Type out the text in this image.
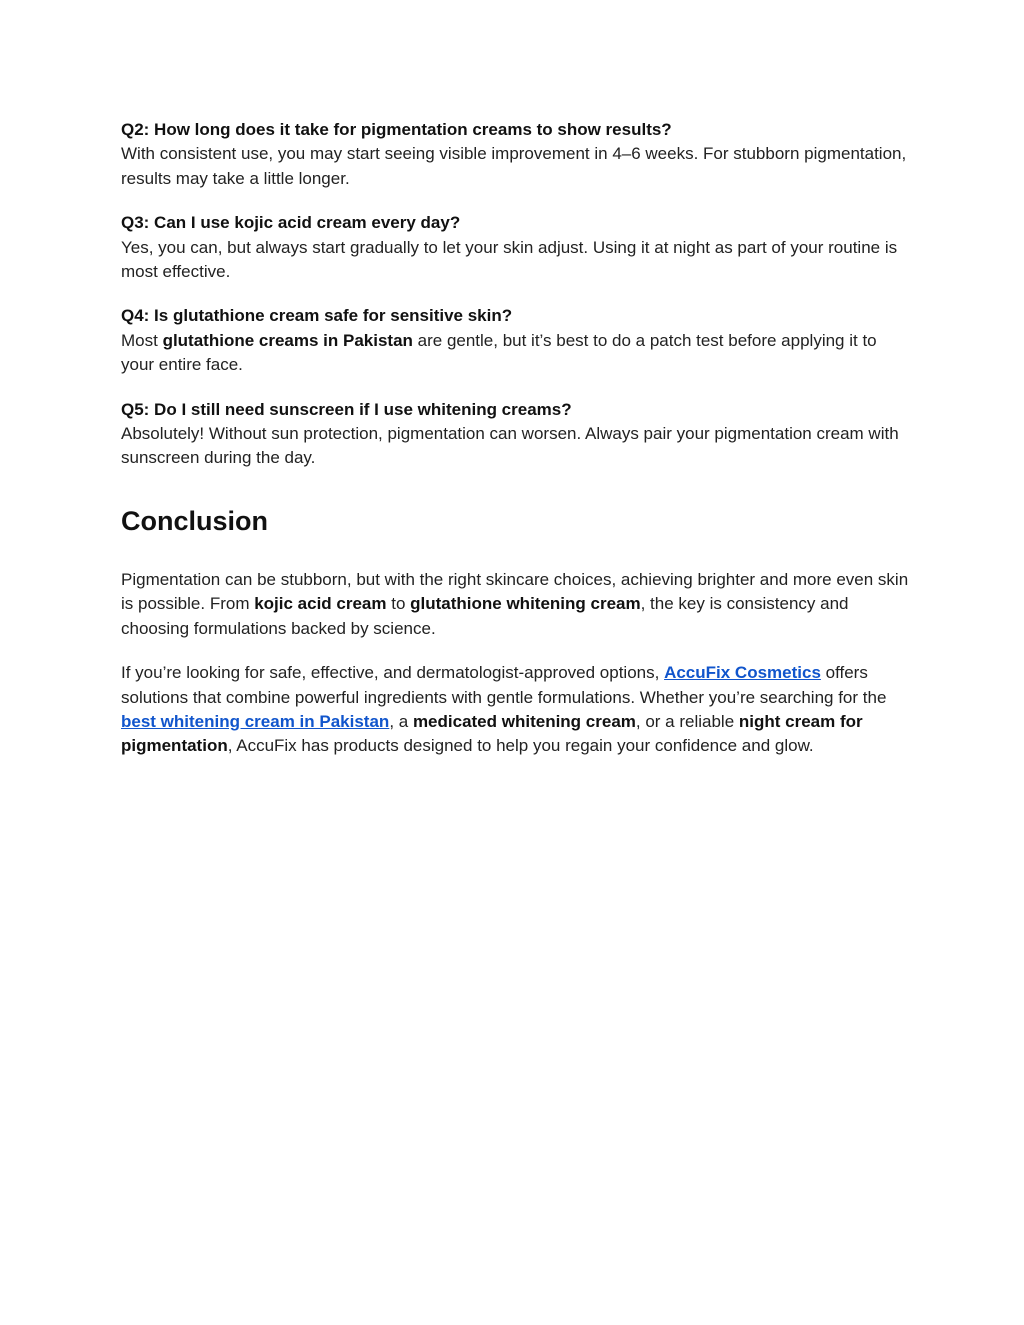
Q2: How long does it take for pigmentation creams to show results?
With consistent use, you may start seeing visible improvement in 4–6 weeks. For stubborn pigmentation, results may take a little longer.
Q3: Can I use kojic acid cream every day?
Yes, you can, but always start gradually to let your skin adjust. Using it at night as part of your routine is most effective.
Q4: Is glutathione cream safe for sensitive skin?
Most glutathione creams in Pakistan are gentle, but it’s best to do a patch test before applying it to your entire face.
Q5: Do I still need sunscreen if I use whitening creams?
Absolutely! Without sun protection, pigmentation can worsen. Always pair your pigmentation cream with sunscreen during the day.
Conclusion

Pigmentation can be stubborn, but with the right skincare choices, achieving brighter and more even skin is possible. From kojic acid cream to glutathione whitening cream, the key is consistency and choosing formulations backed by science.

If you’re looking for safe, effective, and dermatologist-approved options, AccuFix Cosmetics offers solutions that combine powerful ingredients with gentle formulations. Whether you’re searching for the best whitening cream in Pakistan, a medicated whitening cream, or a reliable night cream for pigmentation, AccuFix has products designed to help you regain your confidence and glow.
